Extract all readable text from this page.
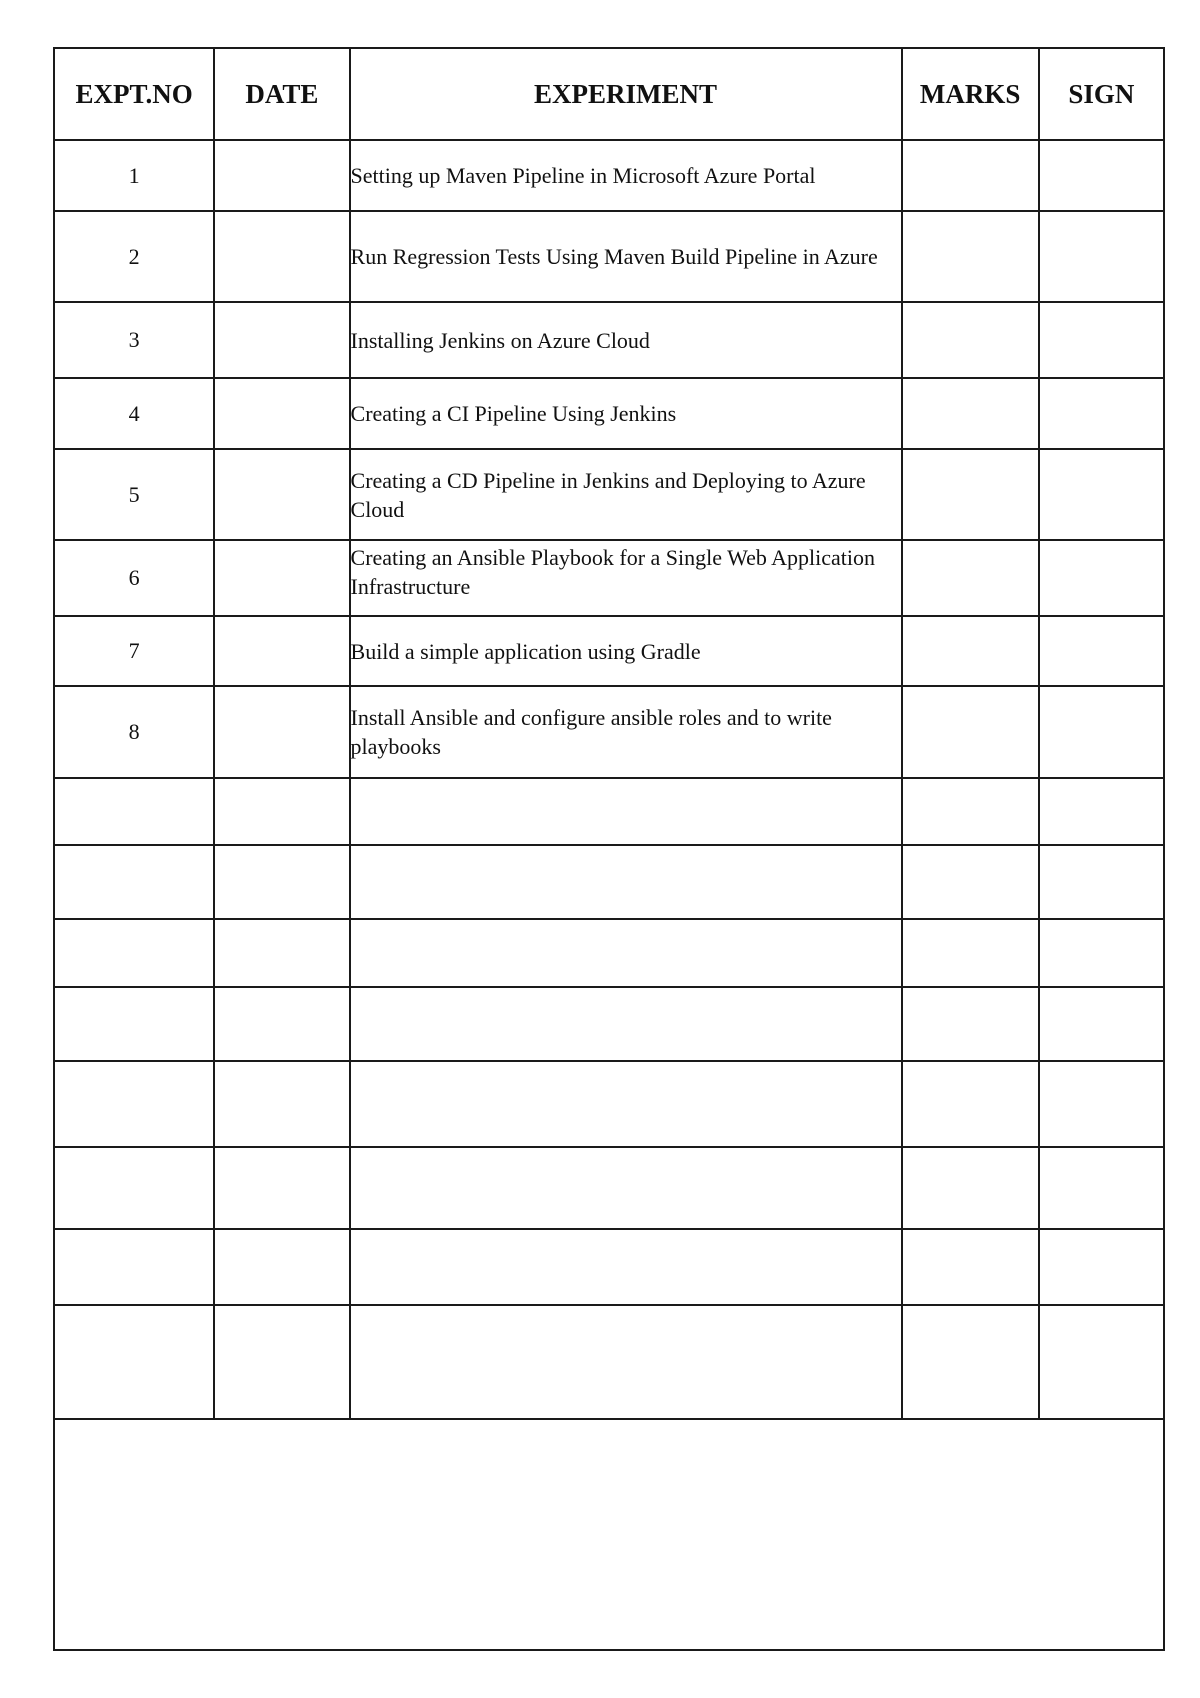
EXPT.NO	DATE	EXPERIMENT	MARKS	SIGN
1		Setting up Maven Pipeline in Microsoft Azure Portal		
2		Run Regression Tests Using Maven Build Pipeline in Azure		
3		Installing Jenkins on Azure Cloud		
4		Creating a CI Pipeline Using Jenkins		
5		Creating a CD Pipeline in Jenkins and Deploying to Azure Cloud		
6		Creating an Ansible Playbook for a Single Web Application Infrastructure		
7		Build a simple application using Gradle		
8		Install Ansible and configure ansible roles and to write playbooks		
